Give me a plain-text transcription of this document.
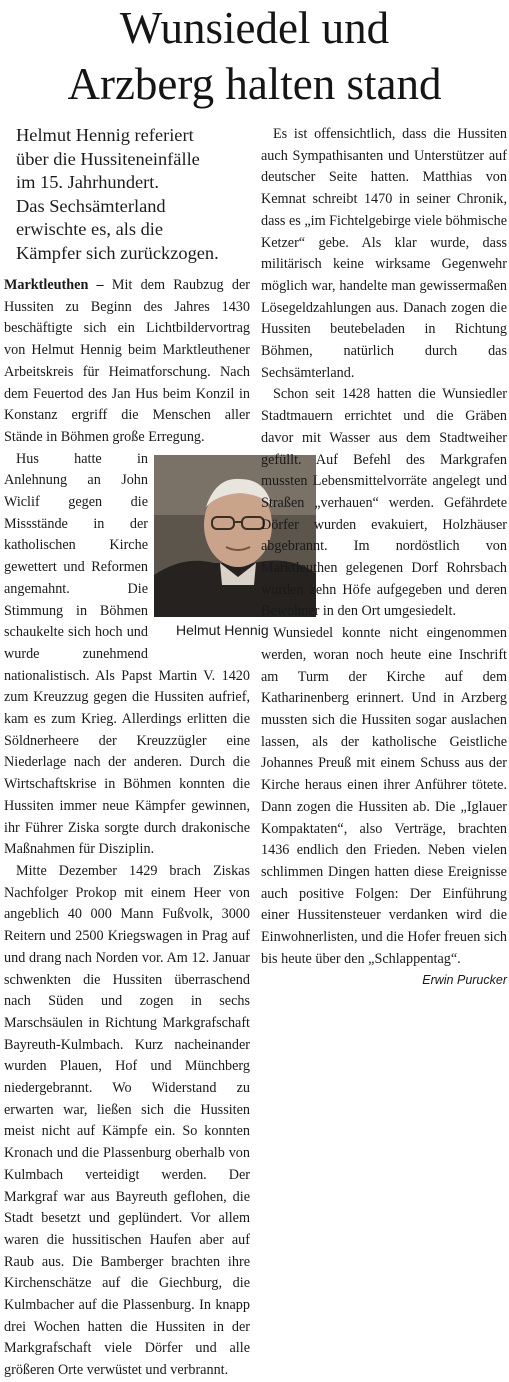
Wunsiedel und
Arzberg halten stand
Helmut Hennig referiert
über die Hussiteneinfälle
im 15. Jahrhundert.
Das Sechsämterland
erwischte es, als die
Kämpfer sich zurückzogen.

Marktleuthen – Mit dem Raubzug der Hussiten zu Beginn des Jahres 1430 beschäftigte sich ein Lichtbildervortrag von Helmut Hennig beim Marktleuthener Arbeitskreis für Heimatforschung. Nach dem Feuertod des Jan Hus beim Konzil in Konstanz ergriff die Menschen aller Stände in Böhmen große Erregung.

Helmut Hennig
Hus hatte in Anlehnung an John Wiclif gegen die Missstände in der katholischen Kirche gewettert und Reformen angemahnt. Die Stimmung in Böhmen schaukelte sich hoch und wurde zunehmend nationalistisch. Als Papst Martin V. 1420 zum Kreuzzug gegen die Hussiten aufrief, kam es zum Krieg. Allerdings erlitten die Söldnerheere der Kreuzzügler eine Niederlage nach der anderen. Durch die Wirtschaftskrise in Böhmen konnten die Hussiten immer neue Kämpfer gewinnen, ihr Führer Ziska sorgte durch drakonische Maßnahmen für Disziplin.

Mitte Dezember 1429 brach Ziskas Nachfolger Prokop mit einem Heer von angeblich 40 000 Mann Fußvolk, 3000 Reitern und 2500 Kriegswagen in Prag auf und drang nach Norden vor. Am 12. Januar schwenkten die Hussiten überraschend nach Süden und zogen in sechs Marschsäulen in Richtung Markgrafschaft Bayreuth-Kulmbach. Kurz nacheinander wurden Plauen, Hof und Münchberg niedergebrannt. Wo Widerstand zu erwarten war, ließen sich die Hussiten meist nicht auf Kämpfe ein. So konnten Kronach und die Plassenburg oberhalb von Kulmbach verteidigt werden. Der Markgraf war aus Bayreuth geflohen, die Stadt besetzt und geplündert. Vor allem waren die hussitischen Haufen aber auf Raub aus. Die Bamberger brachten ihre Kirchenschätze auf die Giechburg, die Kulmbacher auf die Plassenburg. In knapp drei Wochen hatten die Hussiten in der Markgrafschaft viele Dörfer und alle größeren Orte verwüstet und verbrannt.

Es ist offensichtlich, dass die Hussiten auch Sympathisanten und Unterstützer auf deutscher Seite hatten. Matthias von Kemnat schreibt 1470 in seiner Chronik, dass es „im Fichtelgebirge viele böhmische Ketzer“ gebe. Als klar wurde, dass militärisch keine wirksame Gegenwehr möglich war, handelte man gewissermaßen Lösegeldzahlungen aus. Danach zogen die Hussiten beutebeladen in Richtung Böhmen, natürlich durch das Sechsämterland.

Schon seit 1428 hatten die Wunsiedler Stadtmauern errichtet und die Gräben davor mit Wasser aus dem Stadtweiher gefüllt. Auf Befehl des Markgrafen mussten Lebensmittelvorräte angelegt und Straßen „verhauen“ werden. Gefährdete Dörfer wurden evakuiert, Holzhäuser abgebrannt. Im nordöstlich von Marktleuthen gelegenen Dorf Rohrsbach wurden zehn Höfe aufgegeben und deren Bewohner in den Ort umgesiedelt.

Wunsiedel konnte nicht eingenommen werden, woran noch heute eine Inschrift am Turm der Kirche auf dem Katharinenberg erinnert. Und in Arzberg mussten sich die Hussiten sogar auslachen lassen, als der katholische Geistliche Johannes Preuß mit einem Schuss aus der Kirche heraus einen ihrer Anführer tötete. Dann zogen die Hussiten ab. Die „Iglauer Kompaktaten“, also Verträge, brachten 1436 endlich den Frieden. Neben vielen schlimmen Dingen hatten diese Ereignisse auch positive Folgen: Der Einführung einer Hussitensteuer verdanken wird die Einwohnerlisten, und die Hofer freuen sich bis heute über den „Schlappentag“.
Erwin Purucker
